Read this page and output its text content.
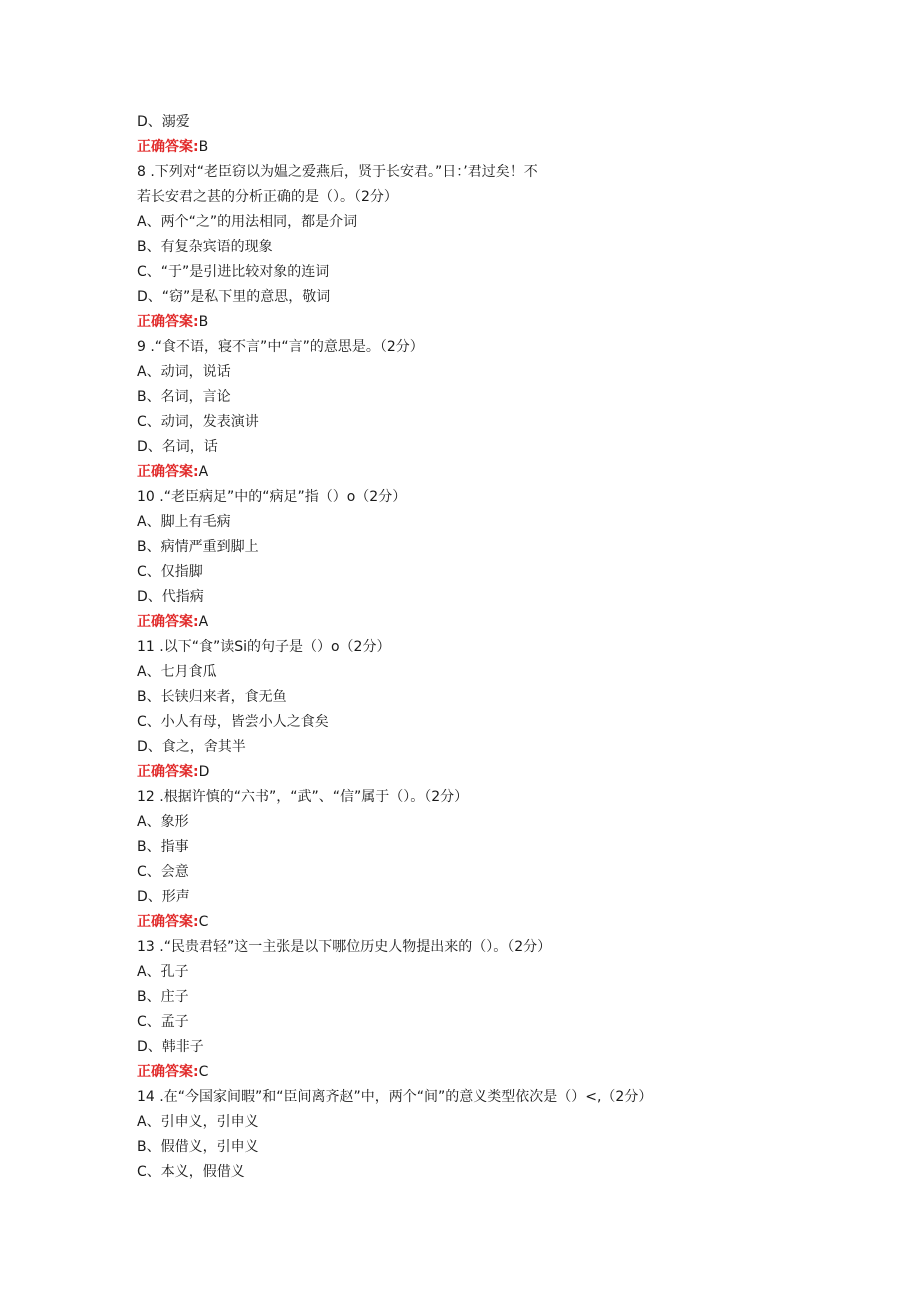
D、溺爱
正确答案:B
8 .下列对“老臣窃以为媪之爱燕后，贤于长安君。”日：’君过矣！不
若长安君之甚的分析正确的是（）。（2分）
A、两个“之”的用法相同，都是介词
B、有复杂宾语的现象
C、“于”是引进比较对象的连词
D、“窃”是私下里的意思，敬词
正确答案:B
9 .“食不语，寝不言”中“言”的意思是。（2分）
A、动词，说话
B、名词，言论
C、动词，发表演讲
D、名词，话
正确答案:A
10 .“老臣病足”中的“病足”指（）o（2分）
A、脚上有毛病
B、病情严重到脚上
C、仅指脚
D、代指病
正确答案:A
11 .以下“食”读Si的句子是（）o（2分）
A、七月食瓜
B、长铗归来者，食无鱼
C、小人有母，皆尝小人之食矣
D、食之，舍其半
正确答案:D
12 .根据许慎的“六书”，“武”、“信”属于（）。（2分）
A、象形
B、指事
C、会意
D、形声
正确答案:C
13 .“民贵君轻”这一主张是以下哪位历史人物提出来的（）。（2分）
A、孔子
B、庄子
C、孟子
D、韩非子
正确答案:C
14 .在“今国家间暇”和“臣间离齐赵”中，两个“间”的意义类型依次是（）<,（2分）
A、引申义，引申义
B、假借义，引申义
C、本义，假借义
